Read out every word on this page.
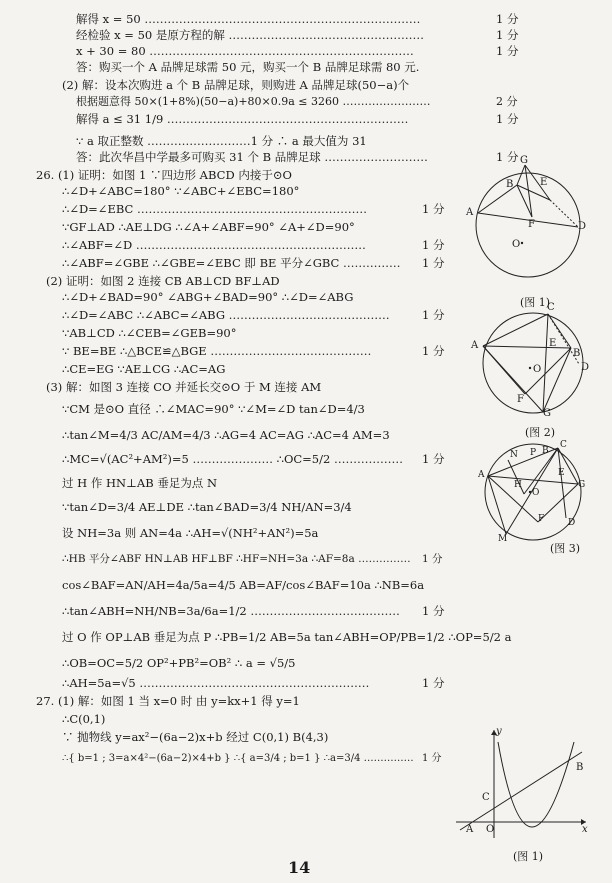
解得 x = 50 ………………………………………………………………	1 分
经检验 x = 50 是原方程的解 ……………………………………………	1 分
x + 30 = 80 ……………………………………………………………	1 分
答：购买一个 A 品牌足球需 50 元，购买一个 B 品牌足球需 80 元.
(2) 解：设本次购进 a 个 B 品牌足球，则购进 A 品牌足球(50−a)个
根据题意得 50×(1+8%)(50−a)+80×0.9a ≤ 3260 ……………………	2 分
解得 a ≤ 31 1/9 ………………………………………………………	1 分
∵ a 取正整数 ………………………1 分 ∴ a 最大值为 31
答：此次华昌中学最多可购买 31 个 B 品牌足球 ………………………	1 分
26. (1) 证明：如图 1 ∵四边形 ABCD 内接于⊙O
∴∠D+∠ABC=180° ∵∠ABC+∠EBC=180°
∴∠D=∠EBC ……………………………………………………	1 分
∵GF⊥AD ∴AE⊥DG ∴∠A+∠ABF=90° ∠A+∠D=90°
∴∠ABF=∠D ……………………………………………………	1 分
∴∠ABF=∠GBE ∴∠GBE=∠EBC 即 BE 平分∠GBC …………… 1 分
(2) 证明：如图 2 连接 CB AB⊥CD BF⊥AD
∴∠D+∠BAD=90° ∠ABG+∠BAD=90° ∴∠D=∠ABG
∴∠D=∠ABC ∴∠ABC=∠ABG ……………………………………	1 分
∵AB⊥CD ∴∠CEB=∠GEB=90°
∵ BE=BE ∴△BCE≌△BGE ……………………………………	1 分
∴CE=EG ∵AE⊥CG ∴AC=AG
(3) 解：如图 3 连接 CO 并延长交⊙O 于 M 连接 AM
∵CM 是⊙O 直径 ∴∠MAC=90° ∵∠M=∠D tan∠D=4/3
∴tan∠M=4/3 AC/AM=4/3 ∴AG=4 AC=AG ∴AC=4 AM=3
∴MC=√(AC²+AM²)=5 ………………… ∴OC=5/2 ……………… 1 分
过 H 作 HN⊥AB 垂足为点 N
∵tan∠D=3/4 AE⊥DE ∴tan∠BAD=3/4 NH/AN=3/4
设 NH=3a 则 AN=4a ∴AH=√(NH²+AN²)=5a
∴HB 平分∠ABF HN⊥AB HF⊥BF ∴HF=NH=3a ∴AF=8a …………… 1 分
cos∠BAF=AN/AH=4a/5a=4/5 AB=AF/cos∠BAF=10a ∴NB=6a
∴tan∠ABH=NH/NB=3a/6a=1/2 ………………………………… 1 分
过 O 作 OP⊥AB 垂足为点 P ∴PB=1/2 AB=5a tan∠ABH=OP/PB=1/2 ∴OP=5/2 a
∴OB=OC=5/2 OP²+PB²=OB² ∴ a = √5/5
∴AH=5a=√5 ……………………………………………………	1 分
27. (1) 解：如图 1 当 x=0 时 由 y=kx+1 得 y=1
∴C(0,1)
∵ 抛物线 y=ax²−(6a−2)x+b 经过 C(0,1) B(4,3)
∴{ b=1 ; 3=a×4²−(6a−2)×4+b } ∴{ a=3/4 ; b=1 } ∴a=3/4 …………… 1 分
G
E
B
A
F	D
O
(图 1)
C
A	E
B
O
F
G
D
(图 2)
N P B
C
A
H
O
E
F
G
M
D
(图 3)
y
B
C
A O	x
(图 1)
14
